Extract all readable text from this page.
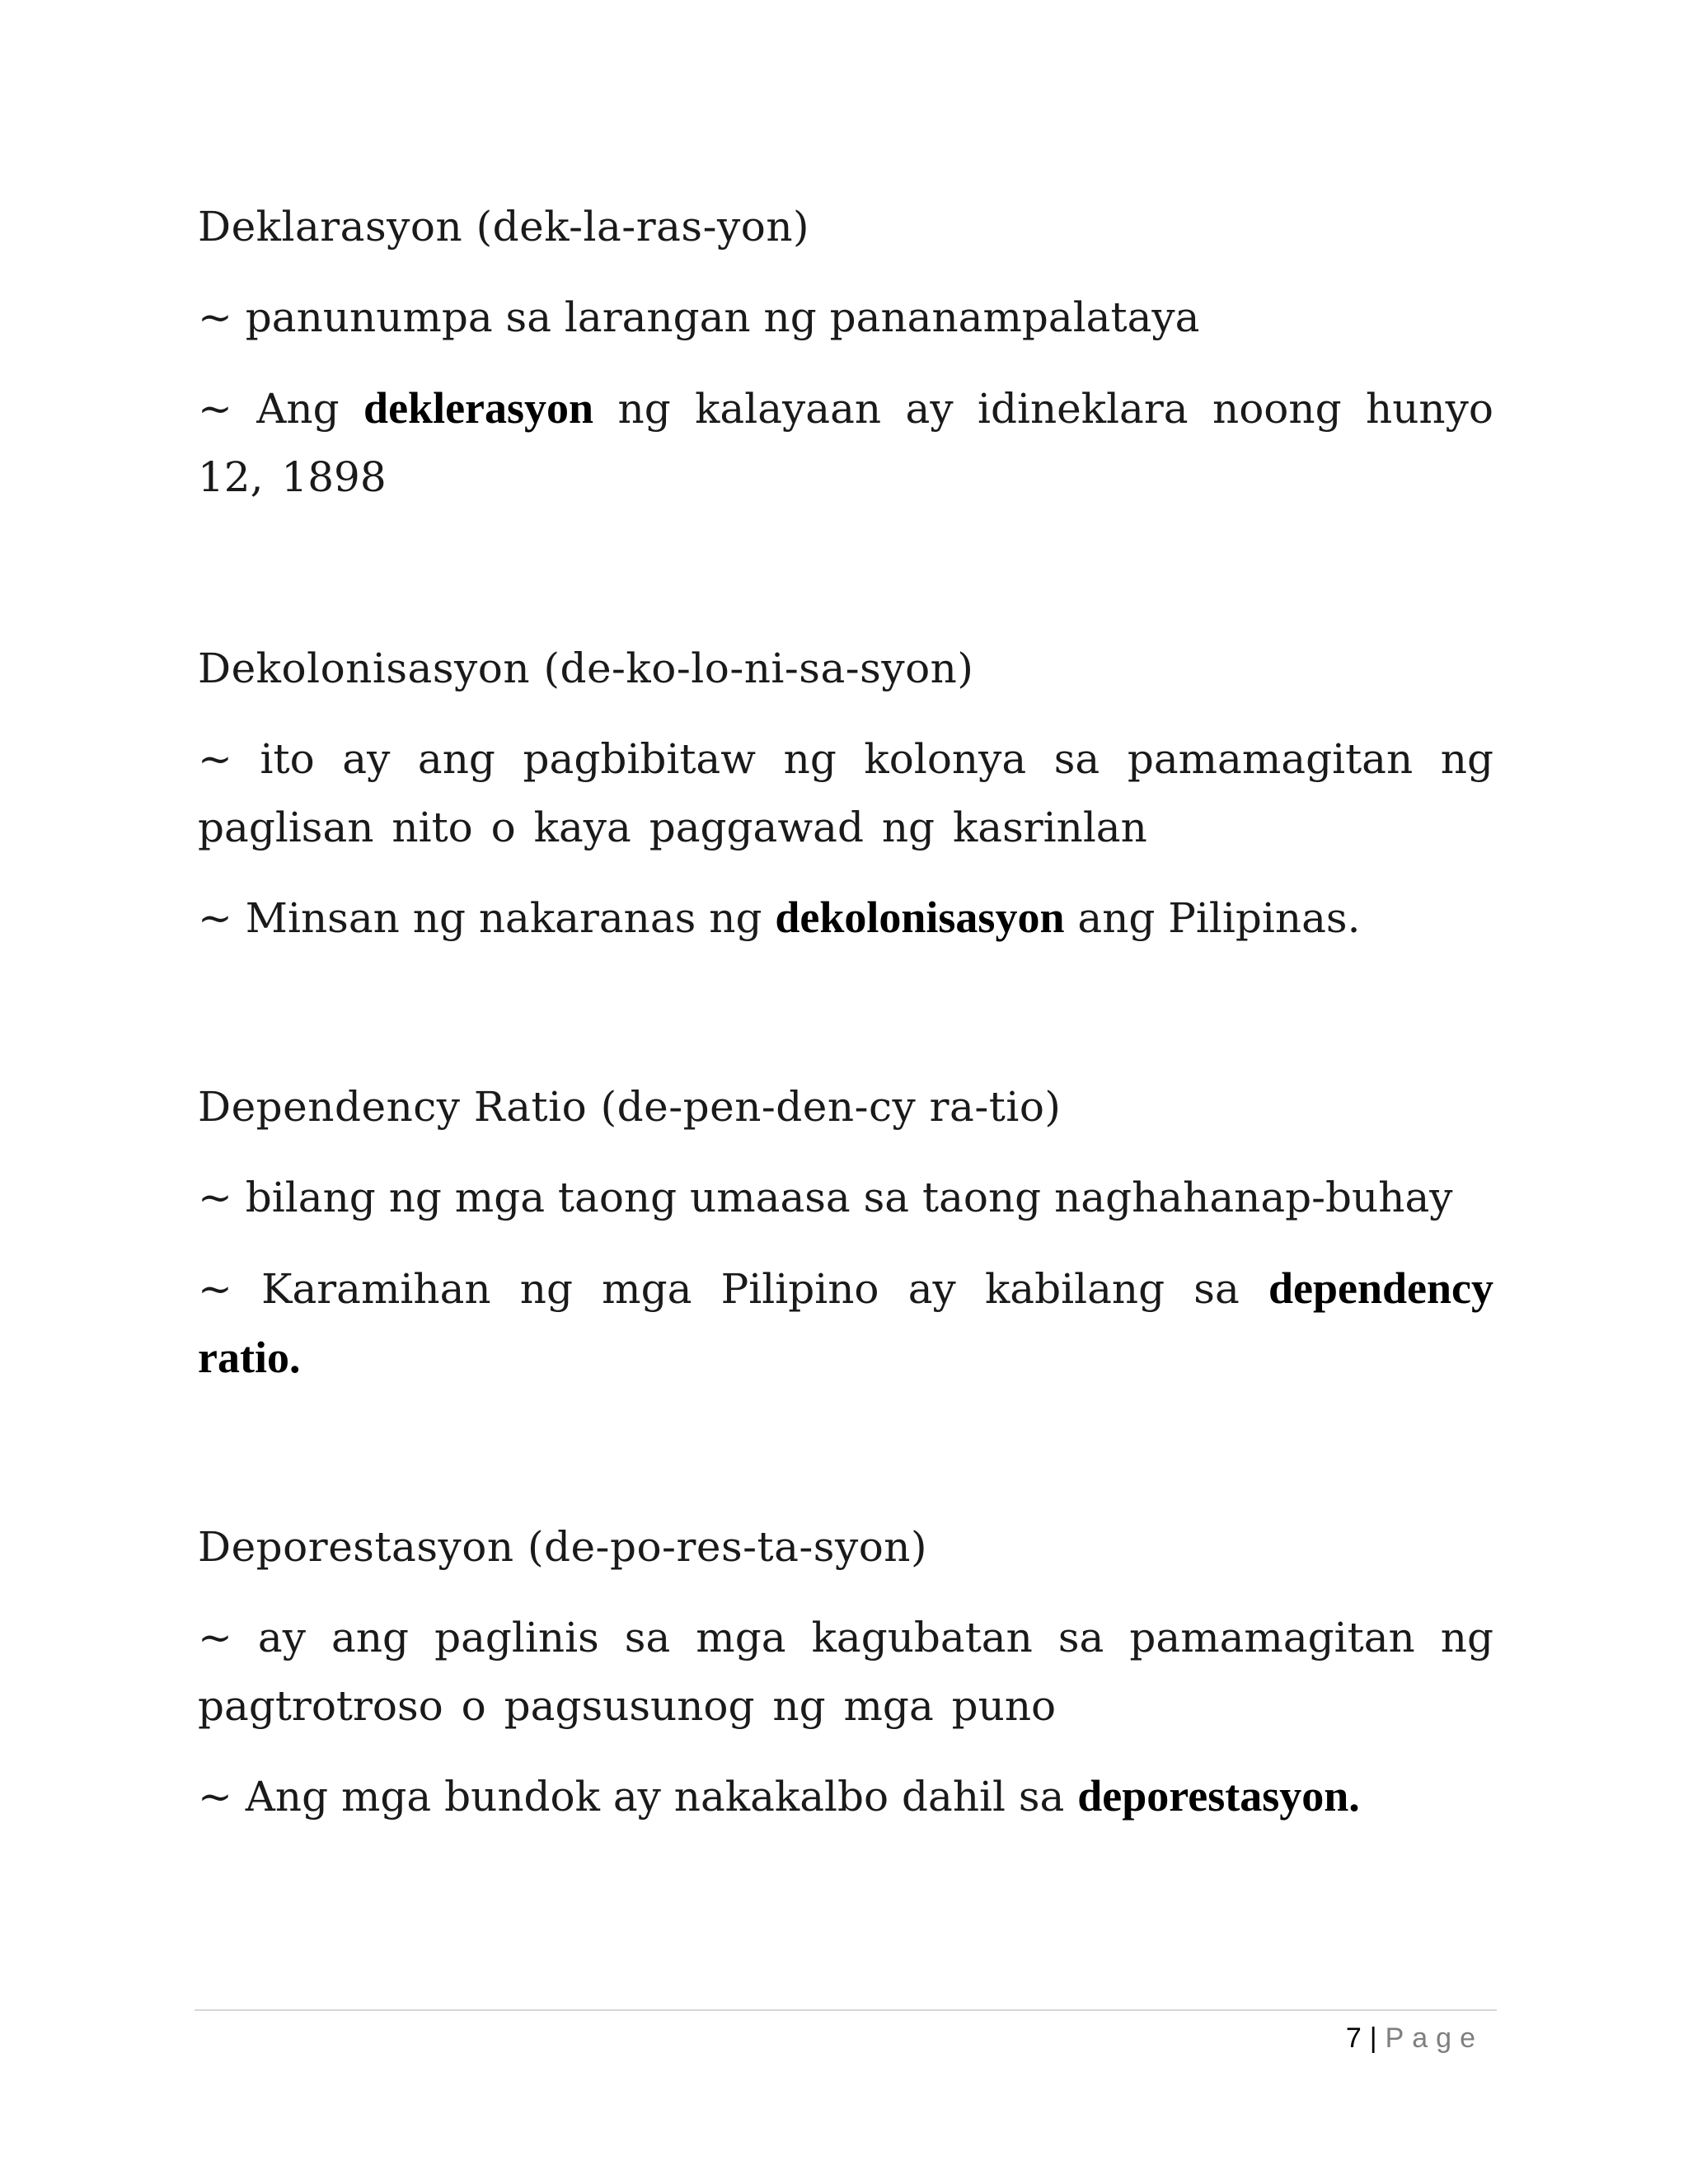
Deklarasyon (dek-la-ras-yon)

~ panunumpa sa larangan ng pananampalataya

~ Ang deklerasyon ng kalayaan ay idineklara noong hunyo 12, 1898

Dekolonisasyon (de-ko-lo-ni-sa-syon)

~ ito ay ang pagbibitaw ng kolonya sa pamamagitan ng paglisan nito o kaya paggawad ng kasrinlan

~ Minsan ng nakaranas ng dekolonisasyon ang Pilipinas.

Dependency Ratio (de-pen-den-cy ra-tio)

~ bilang ng mga taong umaasa sa taong naghahanap-buhay

~ Karamihan ng mga Pilipino ay kabilang sa dependency ratio.

Deporestasyon (de-po-res-ta-syon)

~ ay ang paglinis sa mga kagubatan sa pamamagitan ng pagtrotroso o pagsusunog ng mga puno

~ Ang mga bundok ay nakakalbo dahil sa deporestasyon.

7 | Page
